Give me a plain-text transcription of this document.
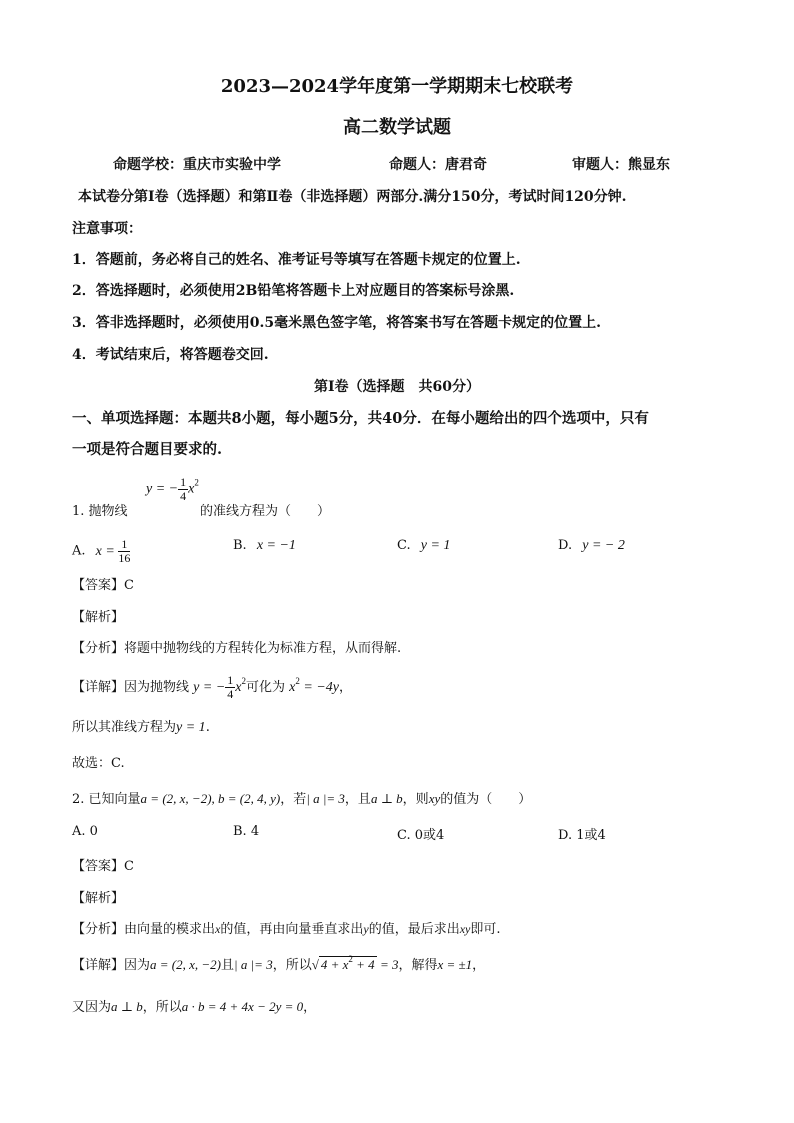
2023—2024学年度第一学期期末七校联考
高二数学试题
命题学校：重庆市实验中学	命题人：唐君奇	审题人：熊显东
本试卷分第Ⅰ卷（选择题）和第Ⅱ卷（非选择题）两部分.满分150分，考试时间120分钟.
注意事项：
1．答题前，务必将自己的姓名、准考证号等填写在答题卡规定的位置上.
2．答选择题时，必须使用2B铅笔将答题卡上对应题目的答案标号涂黑.
3．答非选择题时，必须使用0.5毫米黑色签字笔，将答案书写在答题卡规定的位置上.
4．考试结束后，将答题卷交回.
第Ⅰ卷（选择题　共60分）
一、单项选择题：本题共8小题，每小题5分，共40分．在每小题给出的四个选项中，只有
一项是符合题目要求的.
1. 抛物线
y = − $\frac{1}{4} x^2$
的准线方程为（　　）
A. $x = \frac{1}{16}$	B. x = −1	C. y = 1	D. y = − 2
【答案】C
【解析】
【分析】将题中抛物线的方程转化为标准方程，从而得解.
【详解】因为抛物线 y = − $\frac{1}{4} x^2$可化为 $x^2 = -4y$，
所以其准线方程为y = 1.
故选：C.
2. 已知向量a = (2, x, −2), b = (2, 4, y)，若| a |= 3，且a ⊥ b，则xy的值为（　　）
A. 0	B. 4	C. 0或4	D. 1或4
【答案】C
【解析】
【分析】由向量的模求出x的值，再由向量垂直求出y的值，最后求出xy即可.
【详解】因为a = (2, x, −2)且| a |= 3，所以√ $4 + x^2 + 4 = 3$，解得x = ±1，
又因为a ⊥ b，所以a · b = 4 + 4x − 2y = 0，
